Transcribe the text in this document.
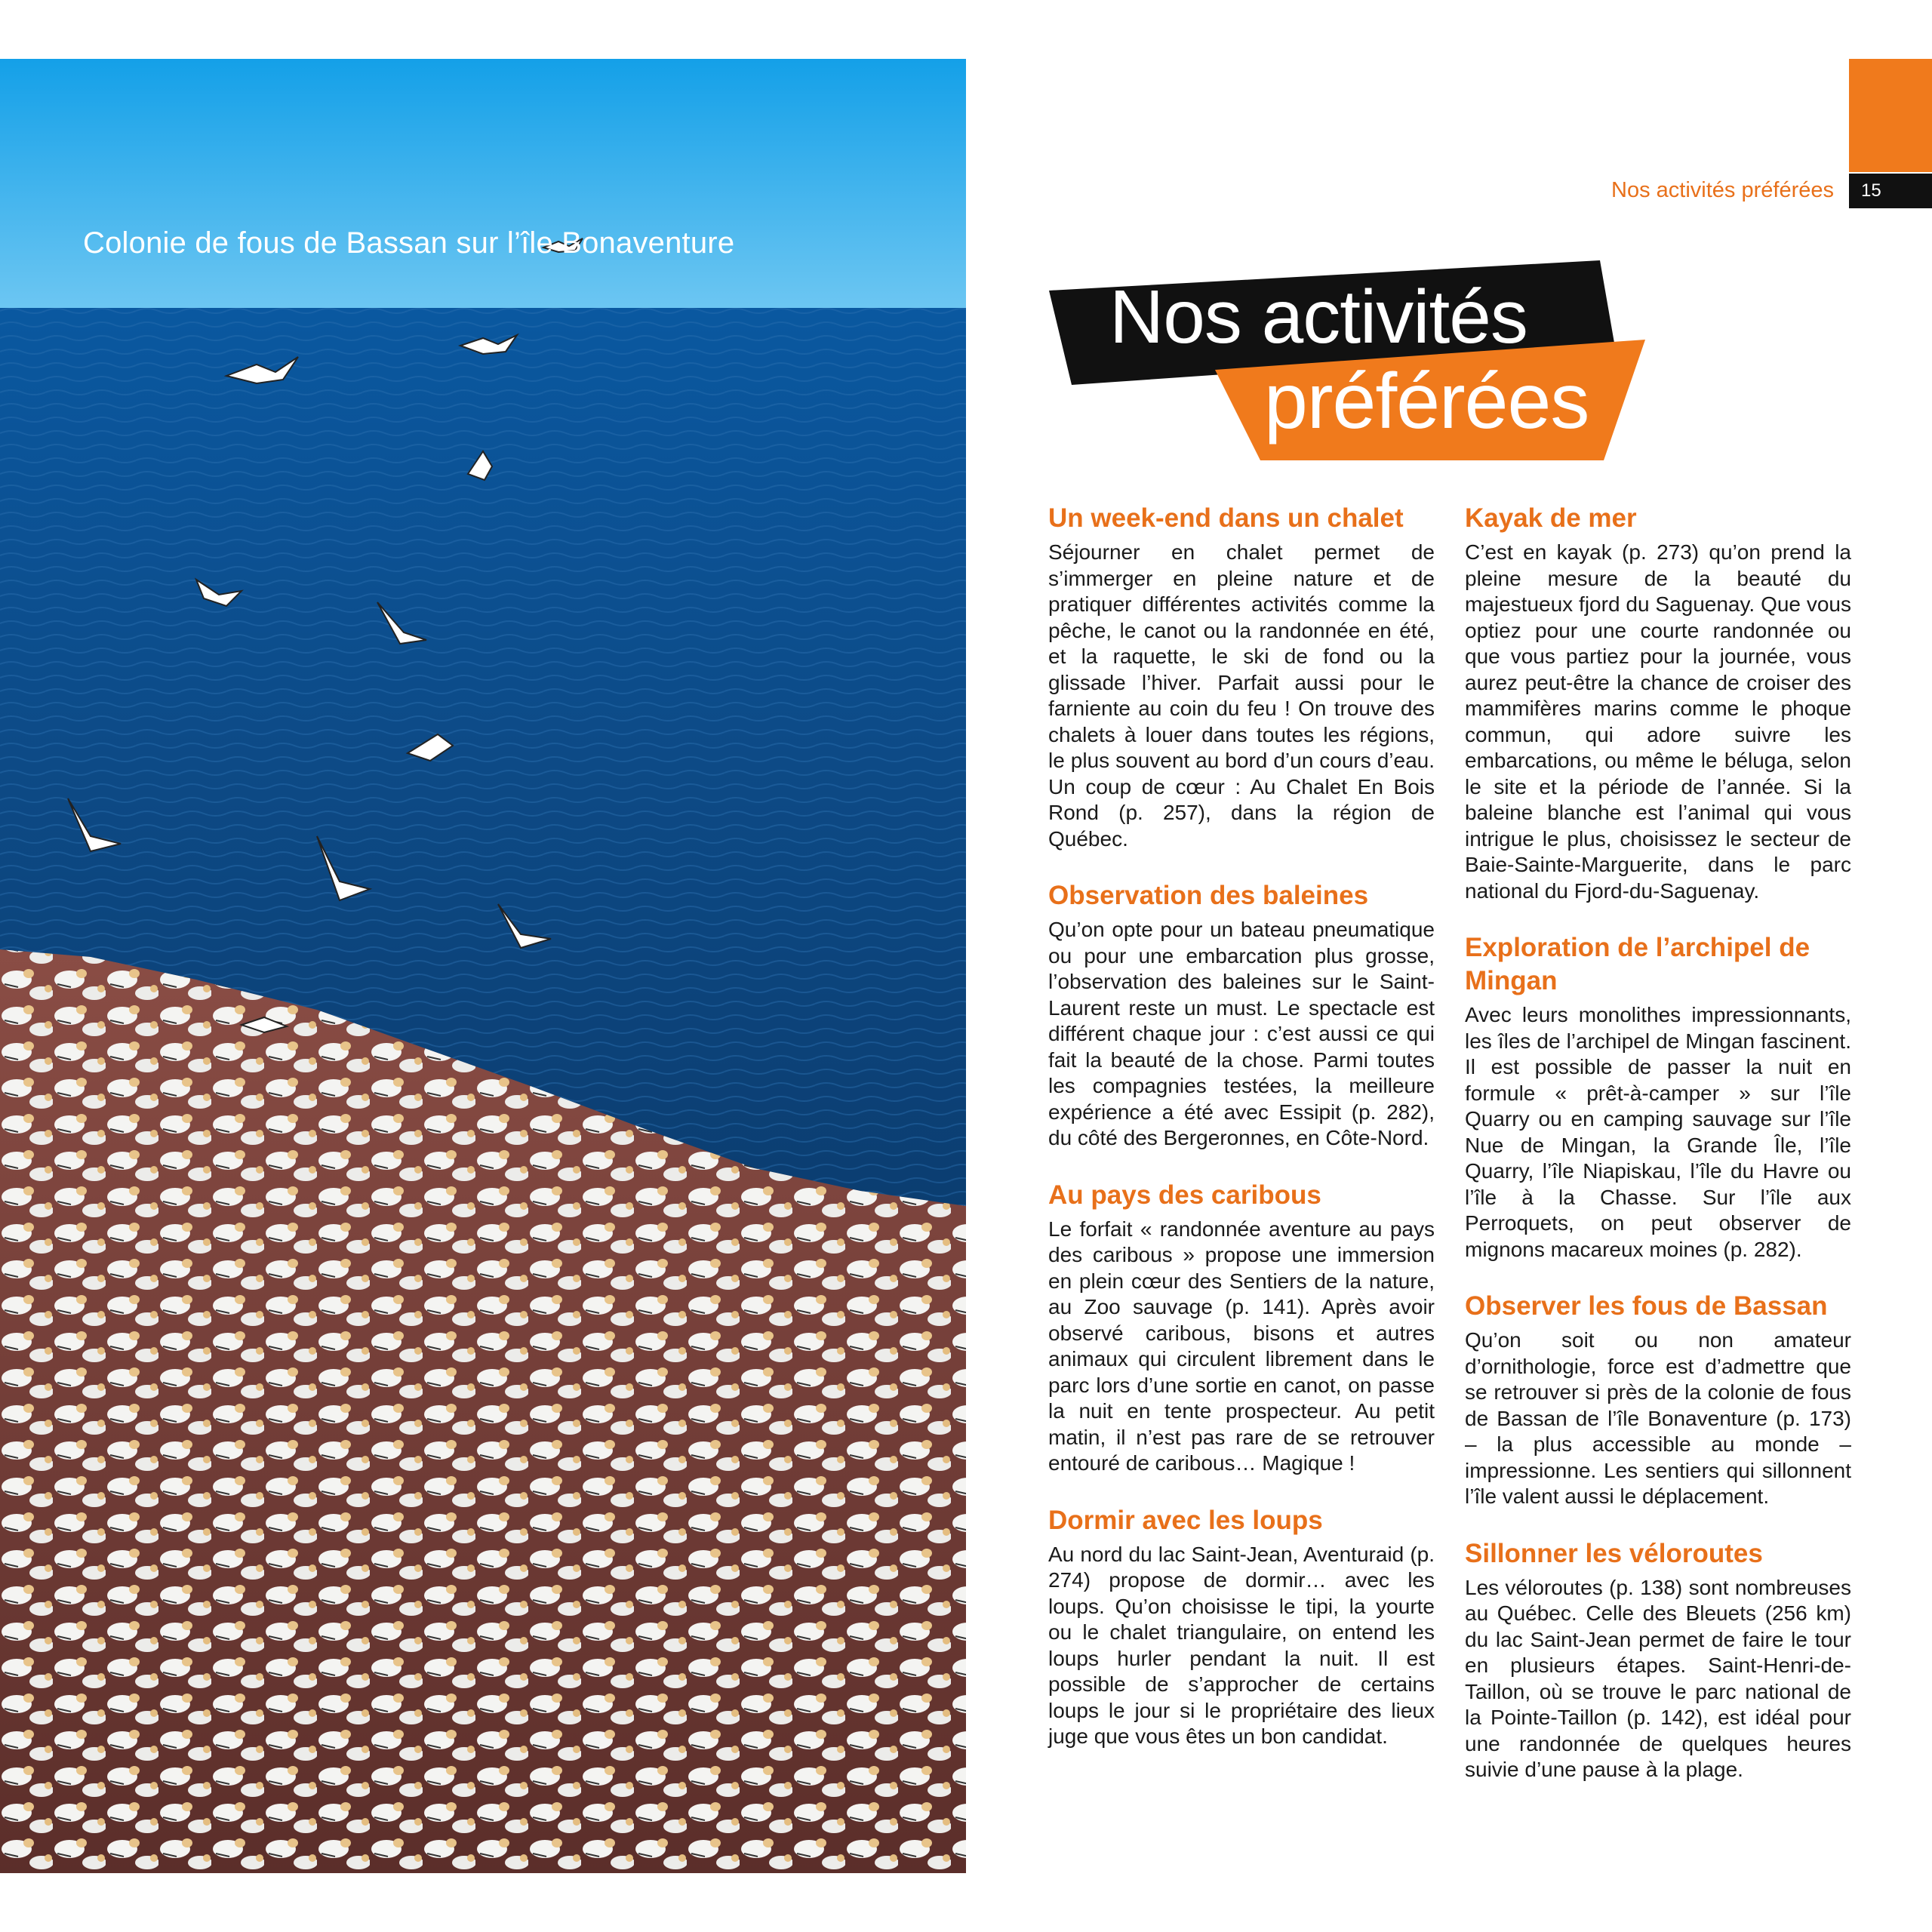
Colonie de fous de Bassan sur l’île Bonaventure
Nos activités préférées	15
Nos activités
préférées
Un week-end dans un chalet

Séjourner en chalet permet de s’immerger en pleine nature et de pratiquer différentes activités comme la pêche, le canot ou la randonnée en été, et la raquette, le ski de fond ou la glissade l’hiver. Parfait aussi pour le farniente au coin du feu ! On trouve des chalets à louer dans toutes les régions, le plus souvent au bord d’un cours d’eau. Un coup de cœur : Au Chalet En Bois Rond (p. 257), dans la région de Québec.

Observation des baleines

Qu’on opte pour un bateau pneumatique ou pour une embarcation plus grosse, l’observation des baleines sur le Saint-Laurent reste un must. Le spectacle est différent chaque jour : c’est aussi ce qui fait la beauté de la chose. Parmi toutes les compagnies testées, la meilleure expérience a été avec Essipit (p. 282), du côté des Bergeronnes, en Côte-Nord.

Au pays des caribous

Le forfait « randonnée aventure au pays des caribous » propose une immersion en plein cœur des Sentiers de la nature, au Zoo sauvage (p. 141). Après avoir observé caribous, bisons et autres animaux qui circulent librement dans le parc lors d’une sortie en canot, on passe la nuit en tente prospecteur. Au petit matin, il n’est pas rare de se retrouver entouré de caribous… Magique !

Dormir avec les loups

Au nord du lac Saint-Jean, Aventuraid (p. 274) propose de dormir… avec les loups. Qu’on choisisse le tipi, la yourte ou le chalet triangulaire, on entend les loups hurler pendant la nuit. Il est possible de s’approcher de certains loups le jour si le propriétaire des lieux juge que vous êtes un bon candidat.

Kayak de mer

C’est en kayak (p. 273) qu’on prend la pleine mesure de la beauté du majestueux fjord du Saguenay. Que vous optiez pour une courte randonnée ou que vous partiez pour la journée, vous aurez peut-être la chance de croiser des mammifères marins comme le phoque commun, qui adore suivre les embarcations, ou même le béluga, selon le site et la période de l’année. Si la baleine blanche est l’animal qui vous intrigue le plus, choisissez le secteur de Baie-Sainte-Marguerite, dans le parc national du Fjord-du-Saguenay.

Exploration de l’archipel de Mingan

Avec leurs monolithes impressionnants, les îles de l’archipel de Mingan fascinent. Il est possible de passer la nuit en formule « prêt-à-camper » sur l’île Quarry ou en camping sauvage sur l’île Nue de Mingan, la Grande Île, l’île Quarry, l’île Niapiskau, l’île du Havre ou l’île à la Chasse. Sur l’île aux Perroquets, on peut observer de mignons macareux moines (p. 282).

Observer les fous de Bassan

Qu’on soit ou non amateur d’ornithologie, force est d’admettre que se retrouver si près de la colonie de fous de Bassan de l’île Bonaventure (p. 173) – la plus accessible au monde – impressionne. Les sentiers qui sillonnent l’île valent aussi le déplacement.

Sillonner les véloroutes

Les véloroutes (p. 138) sont nombreuses au Québec. Celle des Bleuets (256 km) du lac Saint-Jean permet de faire le tour en plusieurs étapes. Saint-Henri-de-Taillon, où se trouve le parc national de la Pointe-Taillon (p. 142), est idéal pour une randonnée de quelques heures suivie d’une pause à la plage.
